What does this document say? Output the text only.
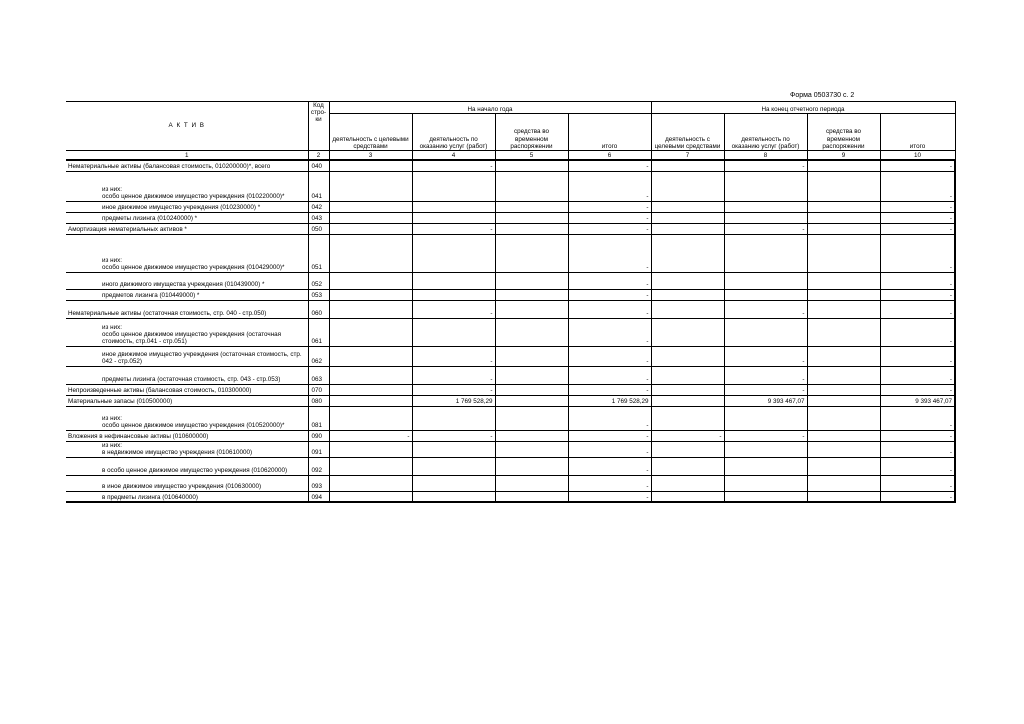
Форма 0503730 с. 2
А К Т И В	Код стро-ки	На начало года				На конец отчетного периода			
		деятельность с целевыми средствами	деятельность по оказанию услуг (работ)	средства во временном распоряжении	итого	деятельность с целевыми средствами	деятельность по оказанию услуг (работ)	средства во временном распоряжении	итого
1	2	3	4	5	6	7	8	9	10
Нематериальные активы (балансовая стоимость, 010200000)*, всего	040		-		-		-		-
из них:
особо ценное движимое имущество учреждения (010220000)*	041				-				-
иное движимое имущество учреждения (010230000) *	042				-				-
предметы лизинга (010240000) *	043				-				-
Амортизация нематериальных активов *	050		-		-		-		-
из них:
особо ценное движимое имущество учреждения (010429000)*	051				-				-
иного движимого имущества учреждения (010439000) *	052				-				-
предметов лизинга (010449000) *	053				-				-
Нематериальные активы (остаточная стоимость, стр. 040 - стр.050)	060		-		-		-		-
из них:
особо ценное движимое имущество учреждения (остаточная стоимость, стр.041 - стр.051)	061				-				-
иное движимое имущество учреждения (остаточная стоимость, стр. 042 - стр.052)	062		-		-		-		-
предметы лизинга (остаточная стоимость, стр. 043 - стр.053)	063		-		-		-		-
Непроизведенные активы (балансовая стоимость, 010300000)	070		-		-		-		-
Материальные запасы (010500000)	080		1 769 528,29		1 769 528,29		9 393 467,07		9 393 467,07
из них:
особо ценное движимое имущество учреждения (010520000)*	081				-				-
Вложения в нефинансовые активы (010600000)	090	-	-		-	-	-		-
из них:
в недвижимое имущество учреждения (010610000)	091				-				-
в особо ценное движимое имущество учреждения (010620000)	092				-				-
в иное движимое имущество учреждения (010630000)	093				-				-
в предметы лизинга (010640000)	094				-				-
